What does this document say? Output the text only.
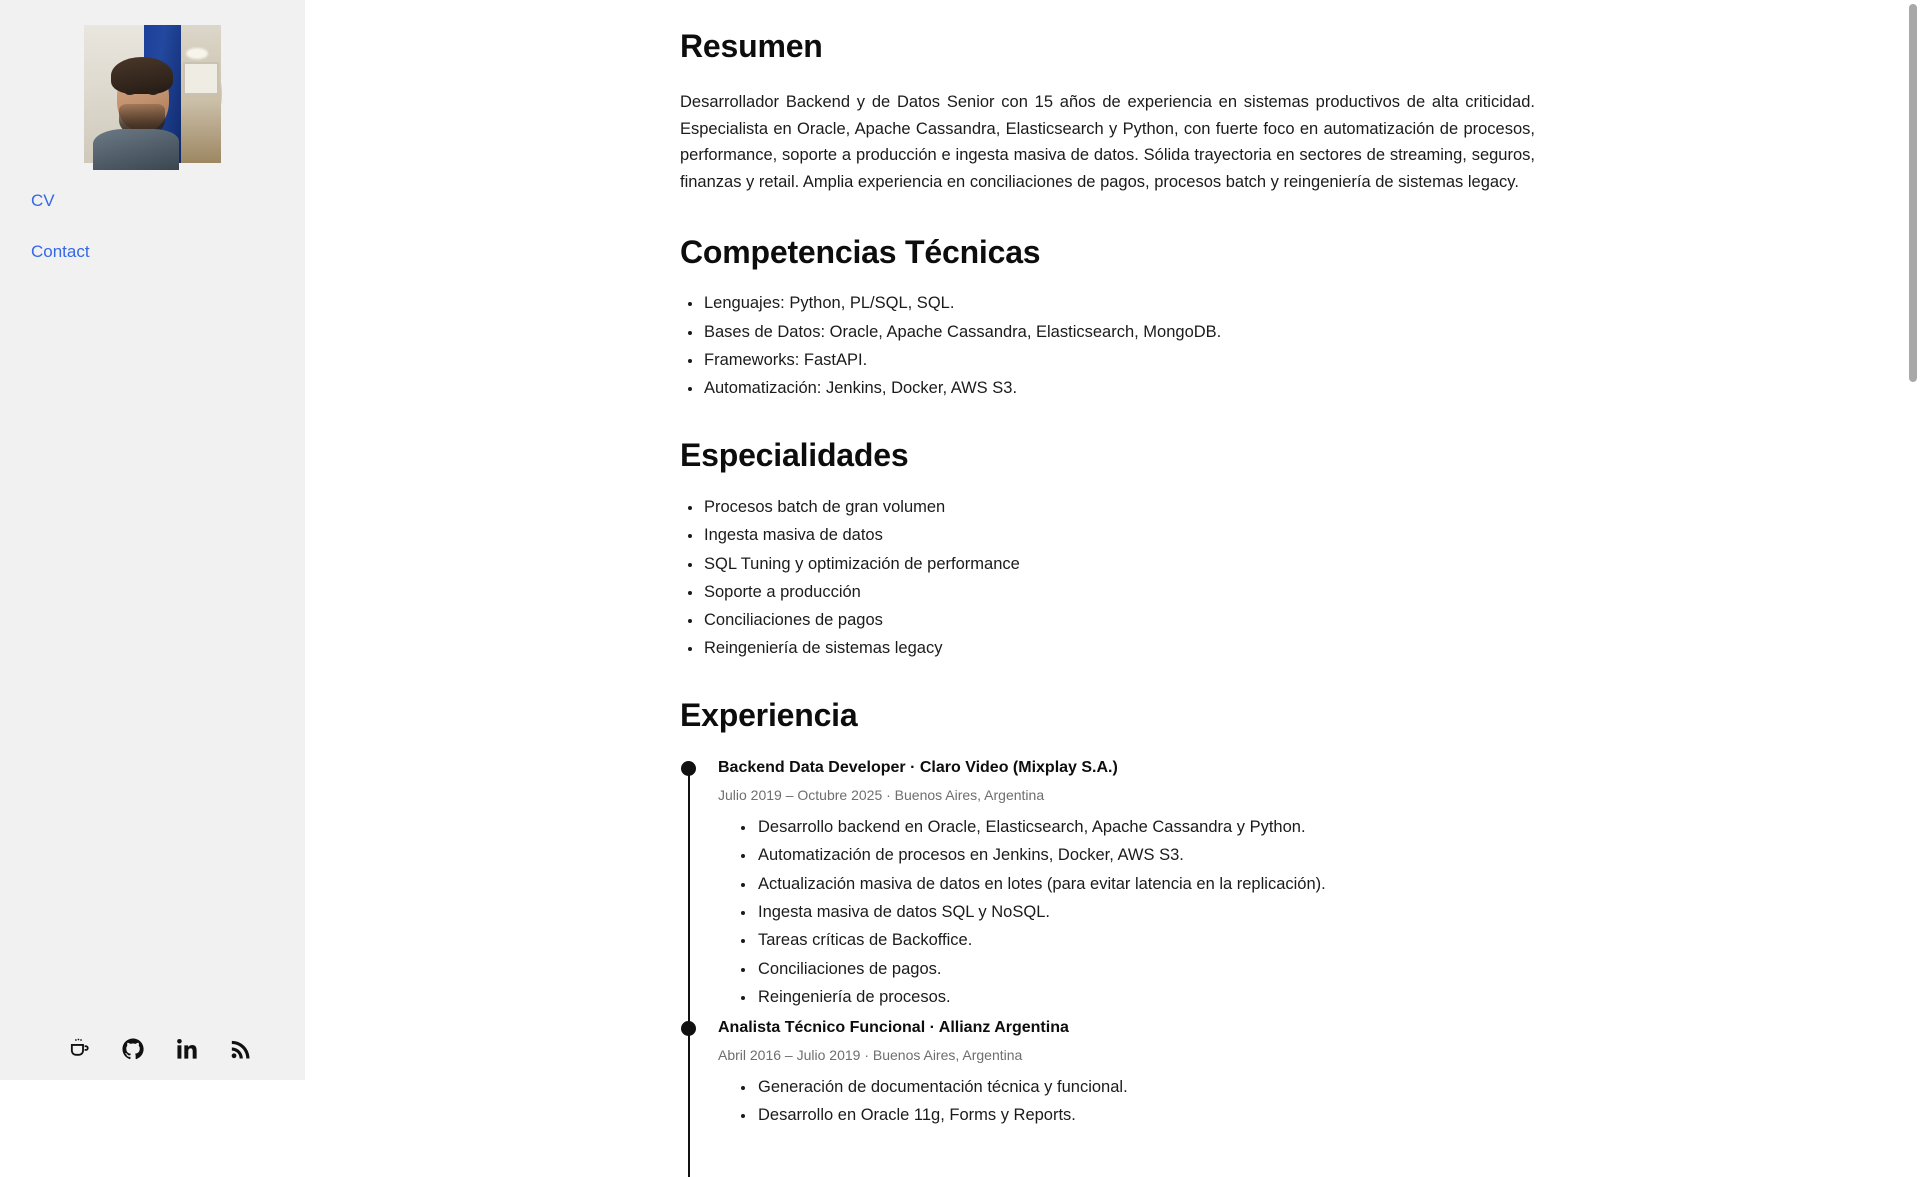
CV
Contact
Resumen

Desarrollador Backend y de Datos Senior con 15 años de experiencia en sistemas productivos de alta criticidad. Especialista en Oracle, Apache Cassandra, Elasticsearch y Python, con fuerte foco en automatización de procesos, performance, soporte a producción e ingesta masiva de datos. Sólida trayectoria en sectores de streaming, seguros, finanzas y retail. Amplia experiencia en conciliaciones de pagos, procesos batch y reingeniería de sistemas legacy.

Competencias Técnicas
Lenguajes: Python, PL/SQL, SQL.
Bases de Datos: Oracle, Apache Cassandra, Elasticsearch, MongoDB.
Frameworks: FastAPI.
Automatización: Jenkins, Docker, AWS S3.
Especialidades
Procesos batch de gran volumen
Ingesta masiva de datos
SQL Tuning y optimización de performance
Soporte a producción
Conciliaciones de pagos
Reingeniería de sistemas legacy
Experiencia
Backend Data Developer · Claro Video (Mixplay S.A.)
Julio 2019 – Octubre 2025 · Buenos Aires, Argentina
Desarrollo backend en Oracle, Elasticsearch, Apache Cassandra y Python.
Automatización de procesos en Jenkins, Docker, AWS S3.
Actualización masiva de datos en lotes (para evitar latencia en la replicación).
Ingesta masiva de datos SQL y NoSQL.
Tareas críticas de Backoffice.
Conciliaciones de pagos.
Reingeniería de procesos.
Analista Técnico Funcional · Allianz Argentina
Abril 2016 – Julio 2019 · Buenos Aires, Argentina
Generación de documentación técnica y funcional.
Desarrollo en Oracle 11g, Forms y Reports.
